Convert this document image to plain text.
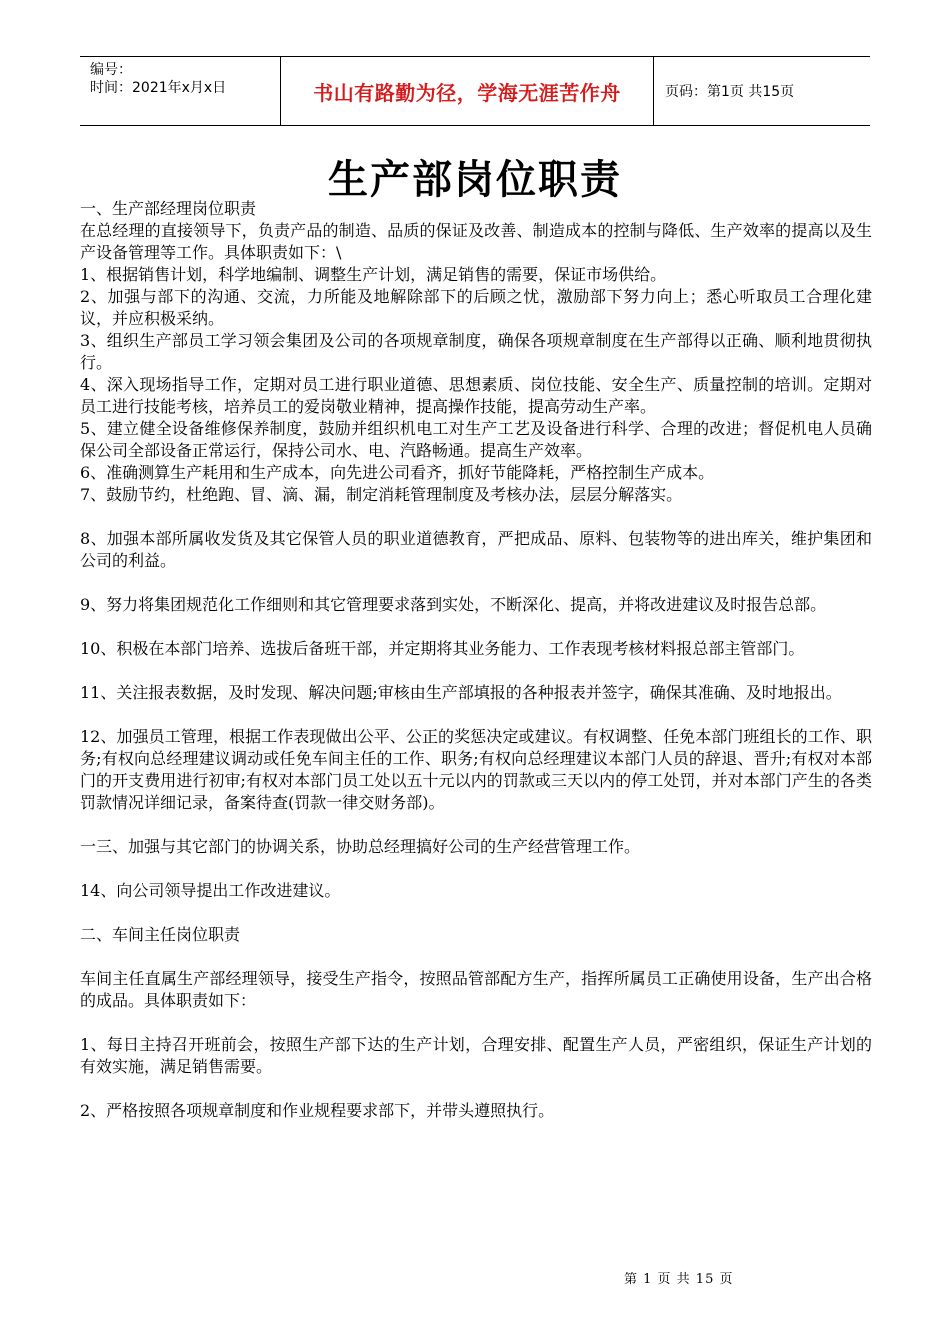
编号：
时间：2021年x月x日	书山有路勤为径，学海无涯苦作舟	页码：第1页 共15页
生产部岗位职责

一、生产部经理岗位职责

在总经理的直接领导下，负责产品的制造、品质的保证及改善、制造成本的控制与降低、生产效率的提高以及生产设备管理等工作。具体职责如下：\

1、根据销售计划，科学地编制、调整生产计划，满足销售的需要，保证市场供给。

2、加强与部下的沟通、交流，力所能及地解除部下的后顾之忧，激励部下努力向上；悉心听取员工合理化建议，并应积极采纳。

3、组织生产部员工学习领会集团及公司的各项规章制度，确保各项规章制度在生产部得以正确、顺利地贯彻执行。

4、深入现场指导工作，定期对员工进行职业道德、思想素质、岗位技能、安全生产、质量控制的培训。定期对员工进行技能考核，培养员工的爱岗敬业精神，提高操作技能，提高劳动生产率。

5、建立健全设备维修保养制度，鼓励并组织机电工对生产工艺及设备进行科学、合理的改进；督促机电人员确保公司全部设备正常运行，保持公司水、电、汽路畅通。提高生产效率。

6、准确测算生产耗用和生产成本，向先进公司看齐，抓好节能降耗，严格控制生产成本。

7、鼓励节约，杜绝跑、冒、滴、漏，制定消耗管理制度及考核办法，层层分解落实。

8、加强本部所属收发货及其它保管人员的职业道德教育，严把成品、原料、包装物等的进出库关，维护集团和公司的利益。

9、努力将集团规范化工作细则和其它管理要求落到实处，不断深化、提高，并将改进建议及时报告总部。

10、积极在本部门培养、选拔后备班干部，并定期将其业务能力、工作表现考核材料报总部主管部门。

11、关注报表数据，及时发现、解决问题;审核由生产部填报的各种报表并签字，确保其准确、及时地报出。

12、加强员工管理，根据工作表现做出公平、公正的奖惩决定或建议。有权调整、任免本部门班组长的工作、职务;有权向总经理建议调动或任免车间主任的工作、职务;有权向总经理建议本部门人员的辞退、晋升;有权对本部门的开支费用进行初审;有权对本部门员工处以五十元以内的罚款或三天以内的停工处罚，并对本部门产生的各类罚款情况详细记录，备案待查(罚款一律交财务部)。

一三、加强与其它部门的协调关系，协助总经理搞好公司的生产经营管理工作。

14、向公司领导提出工作改进建议。

二、车间主任岗位职责

车间主任直属生产部经理领导，接受生产指令，按照品管部配方生产，指挥所属员工正确使用设备，生产出合格的成品。具体职责如下：

1、每日主持召开班前会，按照生产部下达的生产计划，合理安排、配置生产人员，严密组织，保证生产计划的有效实施，满足销售需要。

2、严格按照各项规章制度和作业规程要求部下，并带头遵照执行。

第 1 页 共 15 页
